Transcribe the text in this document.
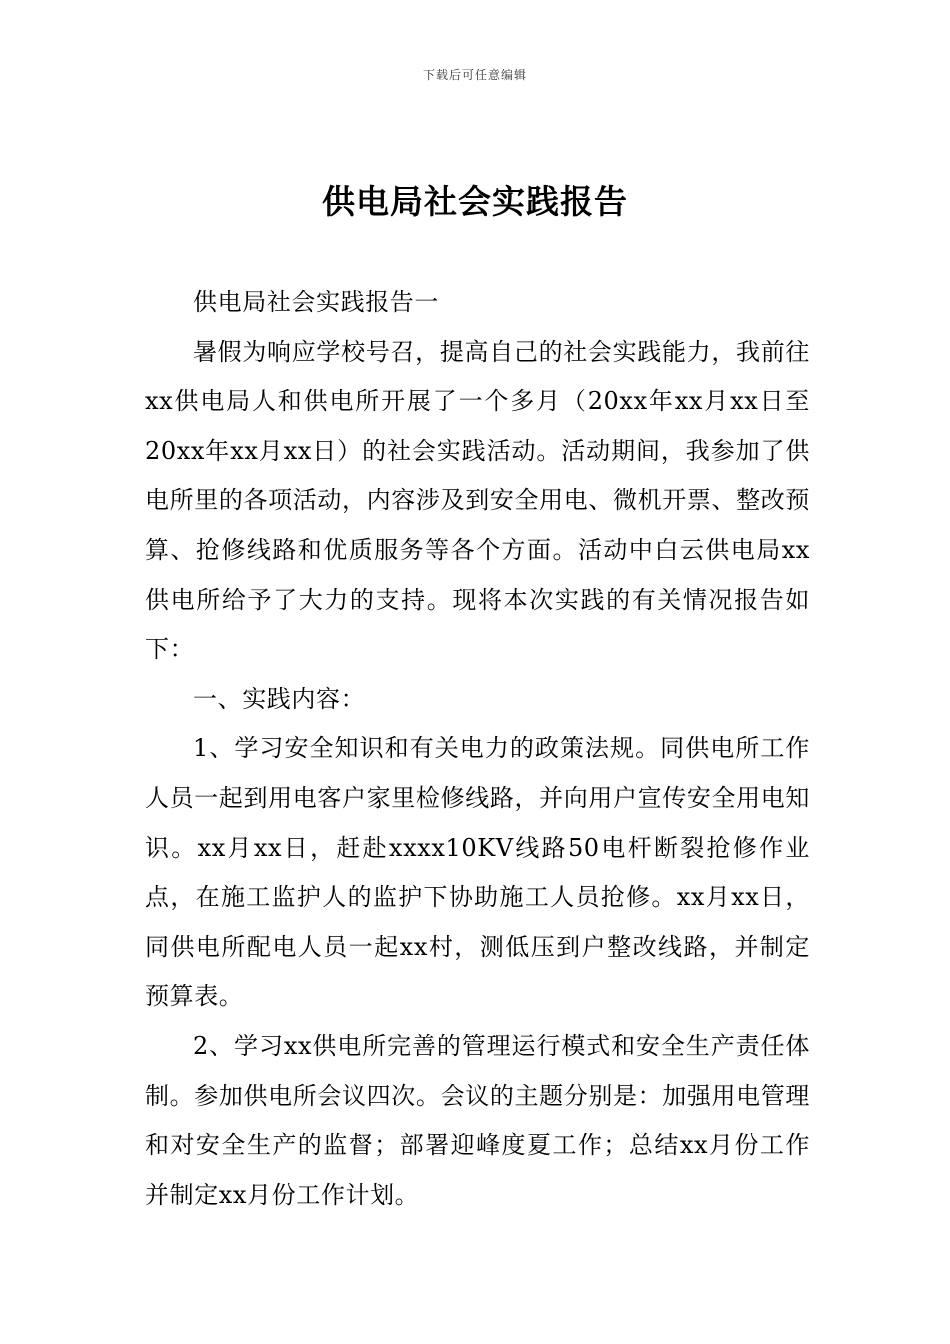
下载后可任意编辑
供电局社会实践报告

供电局社会实践报告一

暑假为响应学校号召，提高自己的社会实践能力，我前往xx供电局人和供电所开展了一个多月（20xx年xx月xx日至20xx年xx月xx日）的社会实践活动。活动期间，我参加了供电所里的各项活动，内容涉及到安全用电、微机开票、整改预算、抢修线路和优质服务等各个方面。活动中白云供电局xx供电所给予了大力的支持。现将本次实践的有关情况报告如下：

一、实践内容：

1、学习安全知识和有关电力的政策法规。同供电所工作人员一起到用电客户家里检修线路，并向用户宣传安全用电知识。xx月xx日，赶赴xxxx10KV线路50电杆断裂抢修作业点，在施工监护人的监护下协助施工人员抢修。xx月xx日，同供电所配电人员一起xx村，测低压到户整改线路，并制定预算表。

2、学习xx供电所完善的管理运行模式和安全生产责任体制。参加供电所会议四次。会议的主题分别是：加强用电管理和对安全生产的监督；部署迎峰度夏工作；总结xx月份工作并制定xx月份工作计划。
